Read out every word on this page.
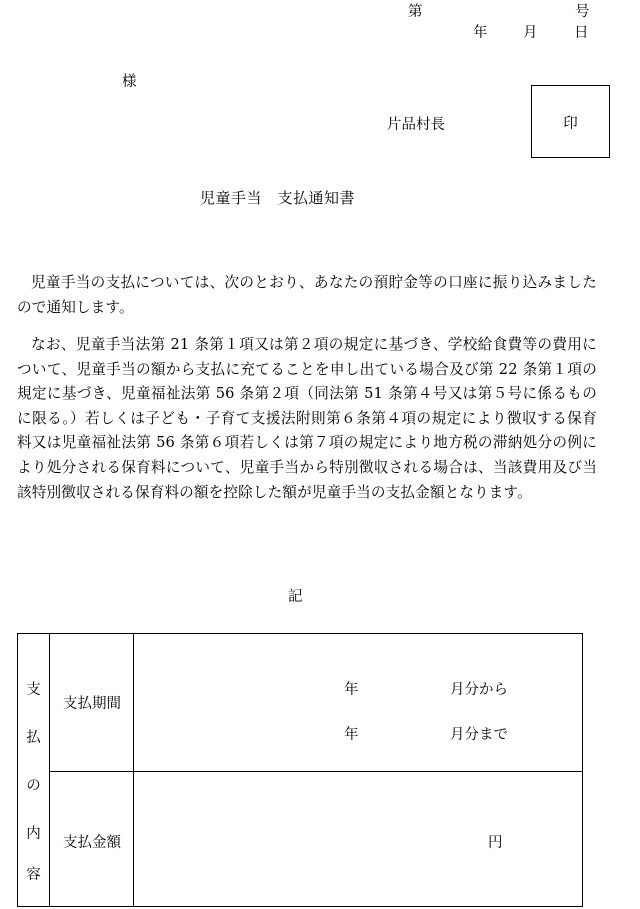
第	号
年 月	日
様
片品村長	印
児童手当　支払通知書

児童手当の支払については、次のとおり、あなたの預貯金等の口座に振り込みましたので通知します。

なお、児童手当法第 21 条第１項又は第２項の規定に基づき、学校給食費等の費用について、児童手当の額から支払に充てることを申し出ている場合及び第 22 条第１項の規定に基づき、児童福祉法第 56 条第２項（同法第 51 条第４号又は第５号に係るものに限る。）若しくは子ども・子育て支援法附則第６条第４項の規定により徴収する保育料又は児童福祉法第 56 条第６項若しくは第７項の規定により地方税の滞納処分の例により処分される保育料について、児童手当から特別徴収される場合は、当該費用及び当該特別徴収される保育料の額を控除した額が児童手当の支払金額となります。

記
支
払
の
内
容
支払期間
年	月分から
年	月分まで
支払金額	円
